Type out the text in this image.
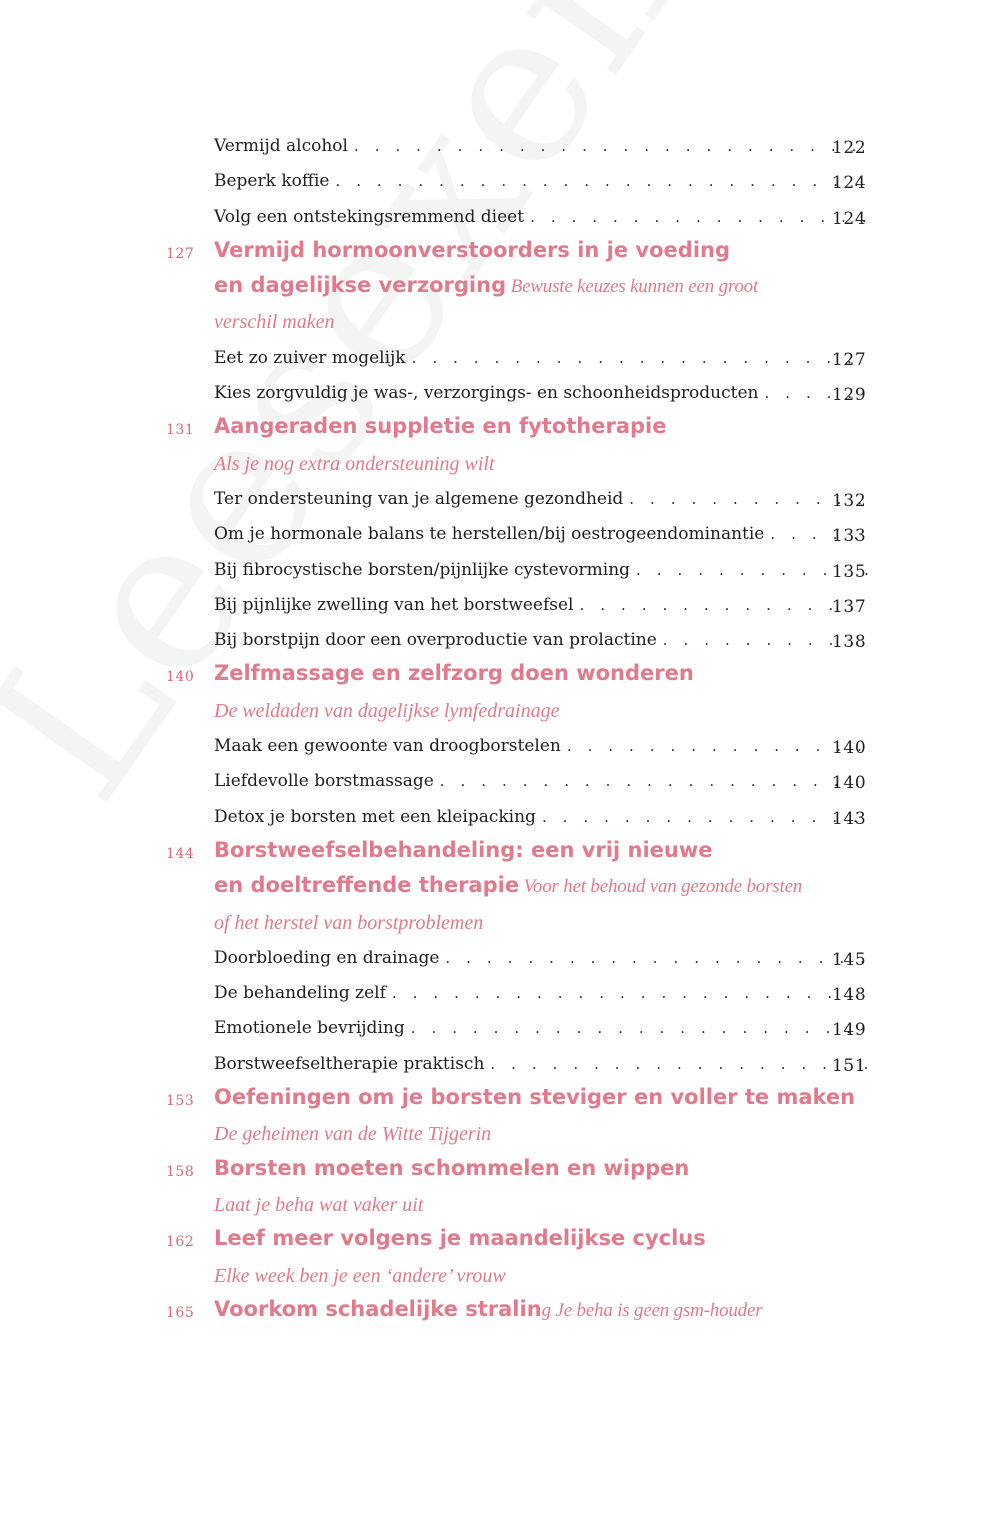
Vermijd alcohol . . .	122
Beperk koffie . . .	124
Volg een ontstekingsremmend dieet . . .	124
127 Vermijd hormoonverstoorders in je voeding
en dagelijkse verzorging Bewuste keuzes kunnen een groot
verschil maken
Eet zo zuiver mogelijk . . .	127
Kies zorgvuldig je was-, verzorgings- en schoonheidsproducten . . .	129
131 Aangeraden suppletie en fytotherapie
Als je nog extra ondersteuning wilt
Ter ondersteuning van je algemene gezondheid . . .	132
Om je hormonale balans te herstellen/bij oestrogeendominantie . . .	133
Bij fibrocystische borsten/pijnlijke cystevorming . . .	135
Bij pijnlijke zwelling van het borstweefsel . . .	137
Bij borstpijn door een overproductie van prolactine . . .	138
140 Zelfmassage en zelfzorg doen wonderen
De weldaden van dagelijkse lymfedrainage
Maak een gewoonte van droogborstelen . . .	140
Liefdevolle borstmassage . . .	140
Detox je borsten met een kleipacking . . .	143
144 Borstweefselbehandeling: een vrij nieuwe
en doeltreffende therapie Voor het behoud van gezonde borsten
of het herstel van borstproblemen
Doorbloeding en drainage . . .	145
De behandeling zelf . . .	148
Emotionele bevrijding . . .	149
Borstweefseltherapie praktisch . . .	151
153 Oefeningen om je borsten steviger en voller te maken
De geheimen van de Witte Tijgerin
158 Borsten moeten schommelen en wippen
Laat je beha wat vaker uit
162 Leef meer volgens je maandelijkse cyclus
Elke week ben je een ‘andere’ vrouw
165 Voorkom schadelijke straling Je beha is geen gsm-houder
